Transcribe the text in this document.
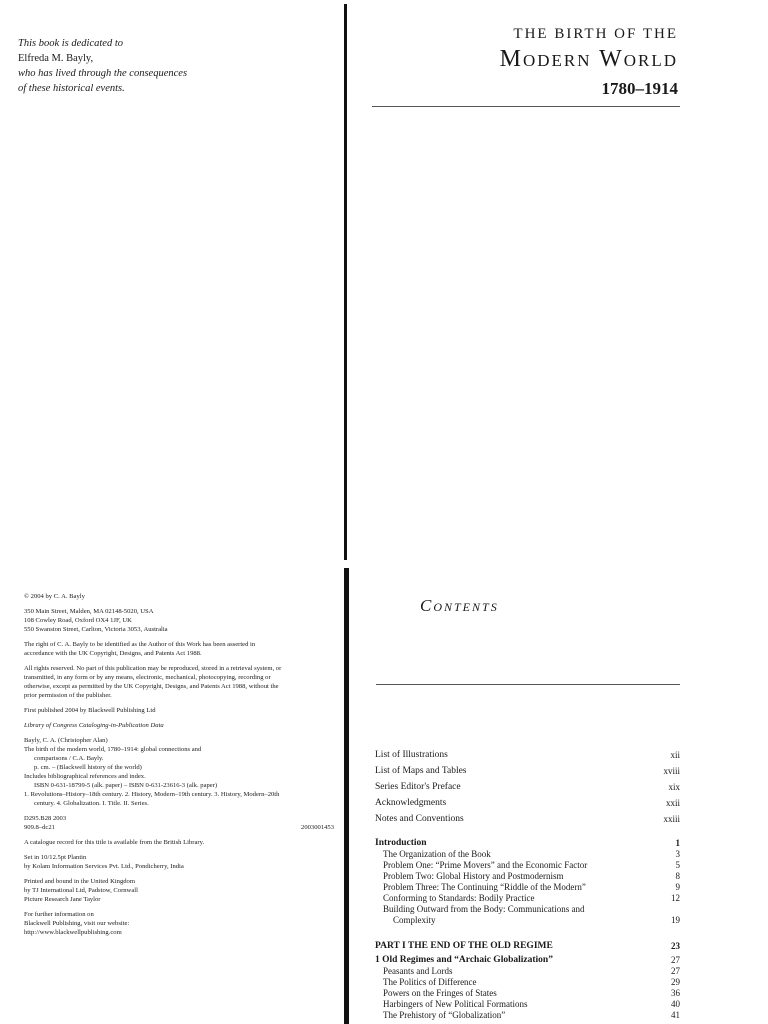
This book is dedicated to
Elfreda M. Bayly,
who has lived through the consequences
of these historical events.
THE BIRTH OF THE
Modern World
1780–1914

© 2004 by C. A. Bayly

350 Main Street, Malden, MA 02148-5020, USA
108 Cowley Road, Oxford OX4 1JF, UK
550 Swanston Street, Carlton, Victoria 3053, Australia

The right of C. A. Bayly to be identified as the Author of this Work has been asserted in
accordance with the UK Copyright, Designs, and Patents Act 1988.

All rights reserved. No part of this publication may be reproduced, stored in a retrieval system, or
transmitted, in any form or by any means, electronic, mechanical, photocopying, recording or
otherwise, except as permitted by the UK Copyright, Designs, and Patents Act 1988, without the
prior permission of the publisher.

First published 2004 by Blackwell Publishing Ltd

Library of Congress Cataloging-in-Publication Data

Bayly, C. A. (Christopher Alan)
The birth of the modern world, 1780–1914: global connections and
comparisons / C.A. Bayly.
p. cm. – (Blackwell history of the world)
Includes bibliographical references and index.
ISBN 0-631-18799-5 (alk. paper) – ISBN 0-631-23616-3 (alk. paper)
1. Revolutions–History–18th century. 2. History, Modern–19th century. 3. History, Modern–20th
century. 4. Globalization. I. Title. II. Series.

D295.B28 2003
909.8–dc21	2003001453

A catalogue record for this title is available from the British Library.

Set in 10/12.5pt Plantin
by Kolam Information Services Pvt. Ltd., Pondicherry, India

Printed and bound in the United Kingdom
by TJ International Ltd, Padstow, Cornwall
Picture Research Jane Taylor

For further information on
Blackwell Publishing, visit our website:
http://www.blackwellpublishing.com

Contents
List of Illustrations	xii
List of Maps and Tables	xviii
Series Editor's Preface	xix
Acknowledgments	xxii
Notes and Conventions	xxiii
Introduction	1
The Organization of the Book	3
Problem One: “Prime Movers” and the Economic Factor	5
Problem Two: Global History and Postmodernism	8
Problem Three: The Continuing “Riddle of the Modern”	9
Conforming to Standards: Bodily Practice	12
Building Outward from the Body: Communications and
Complexity	19
PART I THE END OF THE OLD REGIME	23
1 Old Regimes and “Archaic Globalization”	27
Peasants and Lords	27
The Politics of Difference	29
Powers on the Fringes of States	36
Harbingers of New Political Formations	40
The Prehistory of “Globalization”	41
